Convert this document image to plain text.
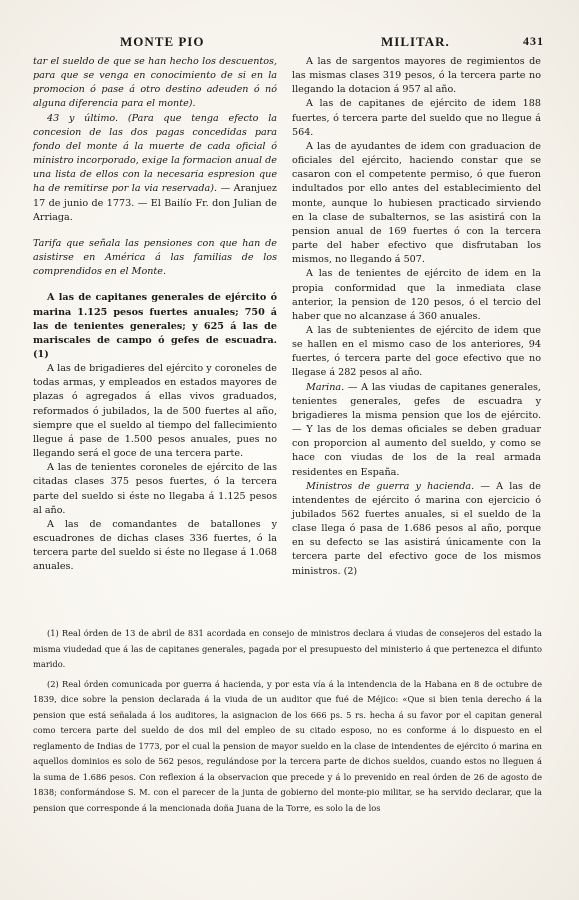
MONTE PIO	MILITAR.	431

tar el sueldo de que se han hecho los descuentos, para que se venga en conocimiento de si en la promocion ó pase á otro destino adeuden ó nó alguna diferencia para el monte).

43 y último. (Para que tenga efecto la concesion de las dos pagas concedidas para fondo del monte á la muerte de cada oficial ó ministro incorporado, exige la formacion anual de una lista de ellos con la necesaria espresion que ha de remitirse por la via reservada). — Aranjuez 17 de junio de 1773. — El Bailío Fr. don Julian de Arriaga.

Tarifa que señala las pensiones con que han de asistirse en América á las familias de los comprendidos en el Monte.

A las de capitanes generales de ejército ó marina 1.125 pesos fuertes anuales; 750 á las de tenientes generales; y 625 á las de mariscales de campo ó gefes de escuadra. (1)

A las de brigadieres del ejército y coroneles de todas armas, y empleados en estados mayores de plazas ó agregados á ellas vivos graduados, reformados ó jubilados, la de 500 fuertes al año, siempre que el sueldo al tiempo del fallecimiento llegue á pase de 1.500 pesos anuales, pues no llegando será el goce de una tercera parte.

A las de tenientes coroneles de ejército de las citadas clases 375 pesos fuertes, ó la tercera parte del sueldo si éste no llegaba á 1.125 pesos al año.

A las de comandantes de batallones y escuadrones de dichas clases 336 fuertes, ó la tercera parte del sueldo si éste no llegase á 1.068 anuales.

A las de sargentos mayores de regimientos de las mismas clases 319 pesos, ó la tercera parte no llegando la dotacion á 957 al año.

A las de capitanes de ejército de idem 188 fuertes, ó tercera parte del sueldo que no llegue á 564.

A las de ayudantes de idem con graduacion de oficiales del ejército, haciendo constar que se casaron con el competente permiso, ó que fueron indultados por ello antes del establecimiento del monte, aunque lo hubiesen practicado sirviendo en la clase de subalternos, se las asistirá con la pension anual de 169 fuertes ó con la tercera parte del haber efectivo que disfrutaban los mismos, no llegando á 507.

A las de tenientes de ejército de idem en la propia conformidad que la inmediata clase anterior, la pension de 120 pesos, ó el tercio del haber que no alcanzase á 360 anuales.

A las de subtenientes de ejército de idem que se hallen en el mismo caso de los anteriores, 94 fuertes, ó tercera parte del goce efectivo que no llegase á 282 pesos al año.

Marina. — A las viudas de capitanes generales, tenientes generales, gefes de escuadra y brigadieres la misma pension que los de ejército. — Y las de los demas oficiales se deben graduar con proporcion al aumento del sueldo, y como se hace con viudas de los de la real armada residentes en España.

Ministros de guerra y hacienda. — A las de intendentes de ejército ó marina con ejercicio ó jubilados 562 fuertes anuales, si el sueldo de la clase llega ó pasa de 1.686 pesos al año, porque en su defecto se las asistirá únicamente con la tercera parte del efectivo goce de los mismos ministros. (2)

(1) Real órden de 13 de abril de 831 acordada en consejo de ministros declara á viudas de consejeros del estado la misma viudedad que á las de capitanes generales, pagada por el presupuesto del ministerio á que pertenezca el difunto marido.

(2) Real órden comunicada por guerra á hacienda, y por esta vía á la intendencia de la Habana en 8 de octubre de 1839, dice sobre la pension declarada á la viuda de un auditor que fué de Méjico: «Que si bien tenia derecho á la pension que está señalada á los auditores, la asignacion de los 666 ps. 5 rs. hecha á su favor por el capitan general como tercera parte del sueldo de dos mil del empleo de su citado esposo, no es conforme á lo dispuesto en el reglamento de Indias de 1773, por el cual la pension de mayor sueldo en la clase de intendentes de ejército ó marina en aquellos dominios es solo de 562 pesos, regulándose por la tercera parte de dichos sueldos, cuando estos no lleguen á la suma de 1.686 pesos. Con reflexion á la observacion que precede y á lo prevenido en real órden de 26 de agosto de 1838; conformándose S. M. con el parecer de la junta de gobierno del monte-pio militar, se ha servido declarar, que la pension que corresponde á la mencionada doña Juana de la Torre, es solo la de los
